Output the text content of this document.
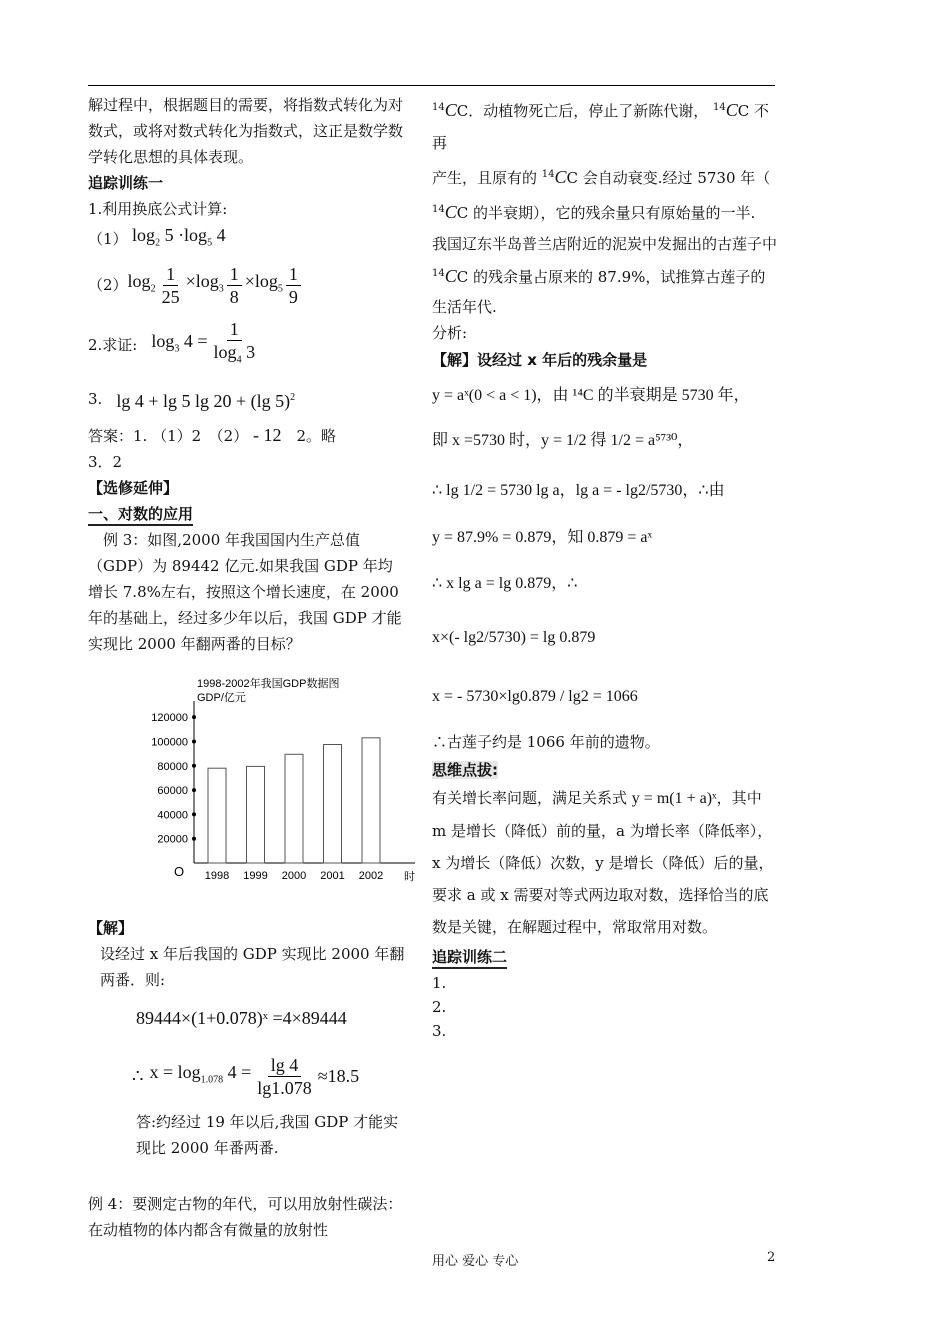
解过程中，根据题目的需要，将指数式转化为对数式，或将对数式转化为指数式，这正是数学数学转化思想的具体表现。

追踪训练一

1.利用换底公式计算:

（1） $\log_2 5 \cdot\log_5$ 4
（2） $\log_2 \frac{1}{25} \times\log_3 \frac{1}{8} \times\log_5 \frac{1}{9}$
2.求证: $\log_3 4 = \frac{1}{\log_4 3}$
3. lg 4 + lg 5 lg 20 + (lg 5)$^2$

答案：1. （1）2　（2） - 12　2。略

3．2

【选修延伸】

一、对数的应用

例 3：如图,2000 年我国国内生产总值（GDP）为 89442 亿元.如果我国 GDP 年均增长 7.8%左右，按照这个增长速度，在 2000 年的基础上，经过多少年以后，我国 GDP 才能实现比 2000 年翻两番的目标？

1998-2002年我国GDP数据图
GDP/亿元
O	时
20000
40000
60000
80000
100000
120000
1998 1999 2000 2001 2002

【解】

设经过 x 年后我国的 GDP 实现比 2000 年翻两番．则:

89444×(1+0.078)ˣ =4×89444
∴ $x = \log_{1.078} 4 = \frac{\lg 4}{\lg 1.078} \approx 18.5$

答:约经过 19 年以后,我国 GDP 才能实现比 2000 年番两番.

例 4：要测定古物的年代，可以用放射性碳法：在动植物的体内都含有微量的放射性

$^{14}$CC．动植物死亡后，停止了新陈代谢， $^{14}$CC 不再

产生，且原有的 $^{14}$CC 会自动衰变.经过 5730 年（

$^{14}$CC 的半衰期），它的残余量只有原始量的一半.

我国辽东半岛普兰店附近的泥炭中发掘出的古莲子中 $^{14}$CC 的残余量占原来的 87.9%，试推算古莲子的生活年代.

分析:

【解】设经过 x 年后的残余量是

y = aˣ(0 < a < 1)，由 ¹⁴C 的半衰期是 5730 年，

即 x =5730 时，y = 1/2 得 1/2 = a⁵⁷³⁰，

∴ lg 1/2 = 5730 lg a，lg a = - lg2/5730，∴由

y = 87.9% = 0.879，知 0.879 = aˣ

∴ x lg a = lg 0.879，∴

x×(- lg2/5730) = lg 0.879

x = - 5730×lg0.879 / lg2 = 1066

∴古莲子约是 1066 年前的遗物。

思维点拔:

有关增长率问题，满足关系式 y = m(1 + a)ˣ，其中 m 是增长（降低）前的量，a 为增长率（降低率），x 为增长（降低）次数，y 是增长（降低）后的量，要求 a 或 x 需要对等式两边取对数，选择恰当的底数是关键，在解题过程中，常取常用对数。

追踪训练二

1.

2.

3.

用心 爱心 专心	2
